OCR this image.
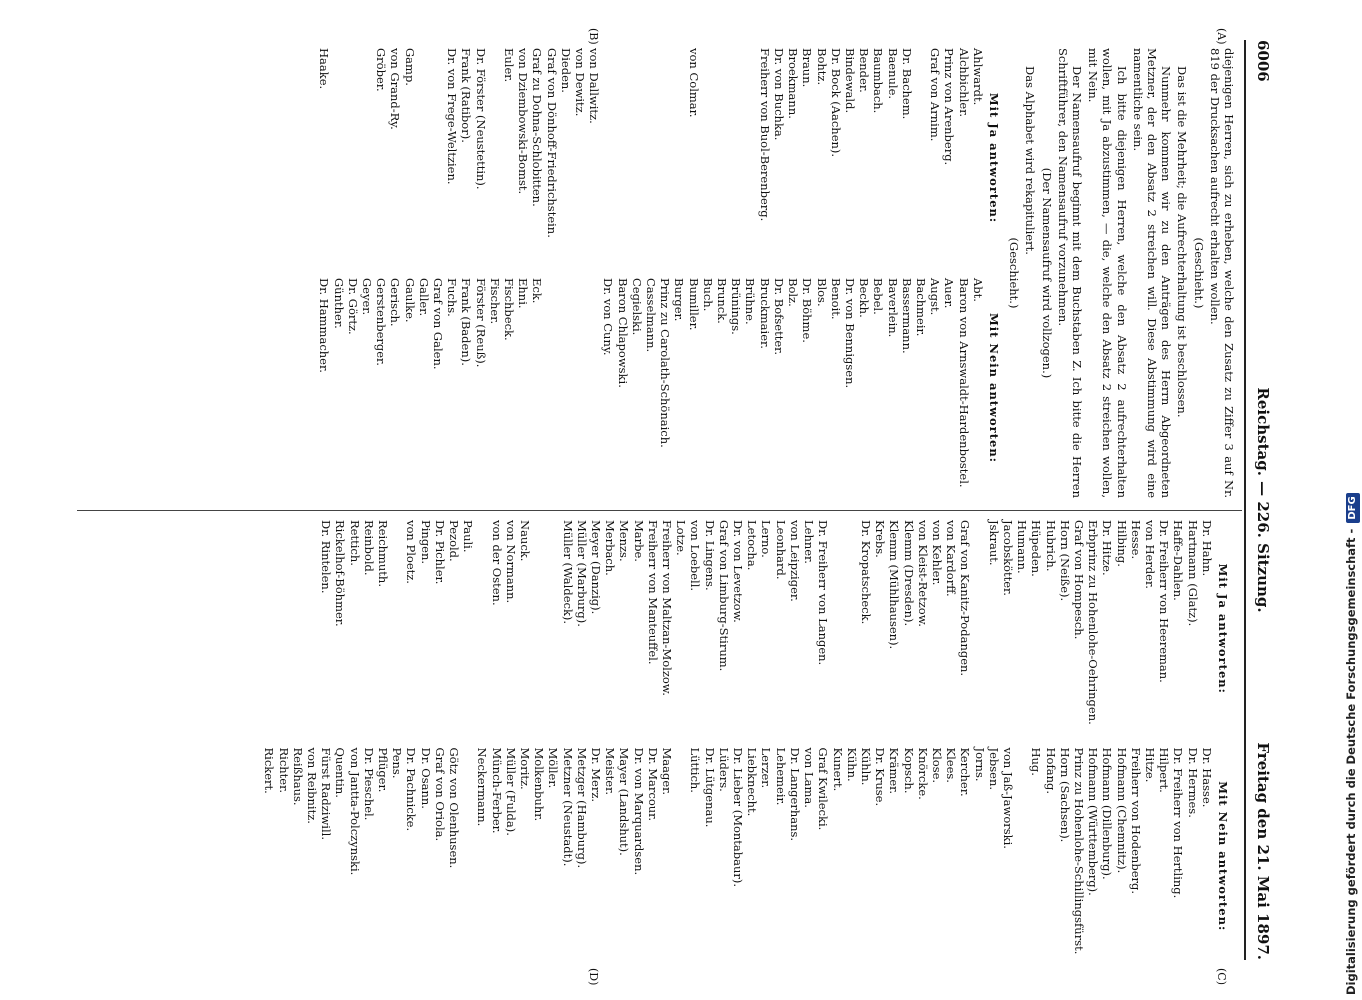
6006
Reichstag. — 226. Sitzung.
Freitag den 21. Mai 1897.
(A)
(B)
(C)
(D)

diejenigen Herren, sich zu erheben, welche den Zusatz zu Ziffer 3 auf Nr. 819 der Drucksachen aufrecht erhalten wollen.

(Geschieht.)

Das ist die Mehrheit; die Aufrechterhaltung ist beschlossen.

Nunmehr kommen wir zu den Anträgen des Herrn Abgeordneten Metzner, der den Absatz 2 streichen will. Diese Abstimmung wird eine namentliche sein.

Ich bitte diejenigen Herren, welche den Absatz 2 aufrechterhalten wollen, mit Ja abzustimmen, — die, welche den Absatz 2 streichen wollen, mit Nein.

Der Namensaufruf beginnt mit dem Buchstaben Z. Ich bitte die Herren Schriftführer, den Namensaufruf vorzunehmen.

(Der Namensaufruf wird vollzogen.)

Das Alphabet wird rekapituliert.

(Geschieht.)

Mit Ja antworten:
Ahlwardt.
Alchbichler.
Prinz von Arenberg.
Graf von Arnim.

Dr. Bachem.
Baenule.
Baumbach.
Bender.
Bindewald.
Dr. Bock (Aachen).
Bohtz.
Braun.
Broekmann.
Dr. von Buchka.
Freiherr von Buol-Berenberg.

von Colmar.

von Dallwitz.
von Dewitz.
Dieden.
Graf von Dönhoff-Friedrichstein.
Graf zu Dohna-Schlobitten.
von Dziembowski-Bomst.
Euler.

Dr. Förster (Neustettin).
Frank (Ratibor).
Dr. von Frege-Weltzien.

Gamp.
von Grand-Ry.
Gröber.

Haake.
Mit Nein antworten:
Abt.
Baron von Arnswaldt-Hardenbostel.
Auer.
Augst.
Bachmeir.
Bassermann.
Baverlein.
Bebel.
Beckh.
Dr. von Bennigsen.
Benoit.
Blos.
Dr. Böhme.
Bolz.
Dr. Bofsetter.
Bruckmaier.
Brühne.
Brünings.
Brunck.
Buch.
Bumiller.
Burger.
Prinz zu Carolath-Schönaich.
Casselmann.
Cegielski.
Baron Chlapowski.
Dr. von Cuny.

Eck.
Ehni.
Fischbeck.
Fischer.
Förster (Reuß).
Frank (Baden).
Fuchs.
Graf von Galen.
Galler.
Gaulke.
Gerisch.
Gerstenberger.
Geyer.
Dr. Görtz.
Günther.
Dr. Hammacher.
Mit Ja antworten:
Dr. Hahn.
Hartmann (Glatz).
Haffe-Dahlen.
Dr. Freiherr von Heereman.
von Herder.
Hesse.
Hilbing.
Dr. Hitze.
Erbprinz zu Hohenlohe-Oehringen.
Graf von Hompesch.
Horn (Neiße).
Hubrich.
Hüpeden.
Humann.
Jacobskötter.
Jskraut.

Graf von Kanitz-Podangen.
von Kardorff.
von Kehler.
von Kleist-Retzow.
Klemm (Dresden).
Klemm (Mühlhausen).
Krebs.
Dr. Kropatscheck.

Dr. Freiherr von Langen.
Lehner.
von Leipziger.
Leonhard.
Lerno.
Letocha.
Dr. von Levetzow.
Graf von Limburg-Stirum.
Dr. Lingens.
von Loebell.
Lotze.
Freiherr von Maltzan-Molzow.
Freiherr von Manteuffel.
Marbe.
Menzs.
Merbach.
Meyer (Danzig).
Müller (Marburg).
Müller (Waldeck).

Nauck.
von Normann.
von der Osten.

Pauli.
Pezold.
Dr. Pichler.
Pingen.
von Ploetz.

Reichmuth.
Reinbold.
Rettich.
Rickelhof-Böhmer.
Dr. Rintelen.
Mit Nein antworten:
Dr. Hasse.
Dr. Hermes.
Dr. Freiherr von Hertling.
Hilpert.
Hitze.
Freiherr von Hodenberg.
Hofmann (Chemnitz).
Hofmann (Dillenburg).
Hofmann (Württemberg).
Prinz zu Hohenlohe-Schillingsfürst.
Horn (Sachsen).
Hofang.
Hug.

von Jaß-Jaworski.
Jebsen.
Jorns.
Kercher.
Klees.
Klose.
Knörcke.
Kopsch.
Krämer.
Dr. Kruse.
Kühln.
Kühn.
Kunert.
Graf Kwilecki.
von Lama.
Dr. Langerhans.
Lehemeir.
Lerzer.
Liebknecht.
Dr. Lieber (Montabaur).
Lüders.
Dr. Lütgenau.
Lüttich.

Maager.
Dr. Marcour.
Dr. von Marquardsen.
Mayer (Landshut).
Meister.
Dr. Merz.
Metzger (Hamburg).
Metzner (Neustadt).
Möller.
Molkenbuhr.
Moritz.
Müller (Fulda).
Münch-Ferber.
Neckermann.

Götz von Olenhusen.
Graf von Oriola.
Dr. Osann.
Dr. Pachnicke.
Pens.
Pflüger.
Dr. Pieschel.
von Jantta-Polczynski.
Quentin.
Fürst Radziwill.
von Reibnitz.
Reißhaus.
Richter.
Rickert.	Digitalisierung gefördert durch die Deutsche Forschungsgemeinschaft -DFG
